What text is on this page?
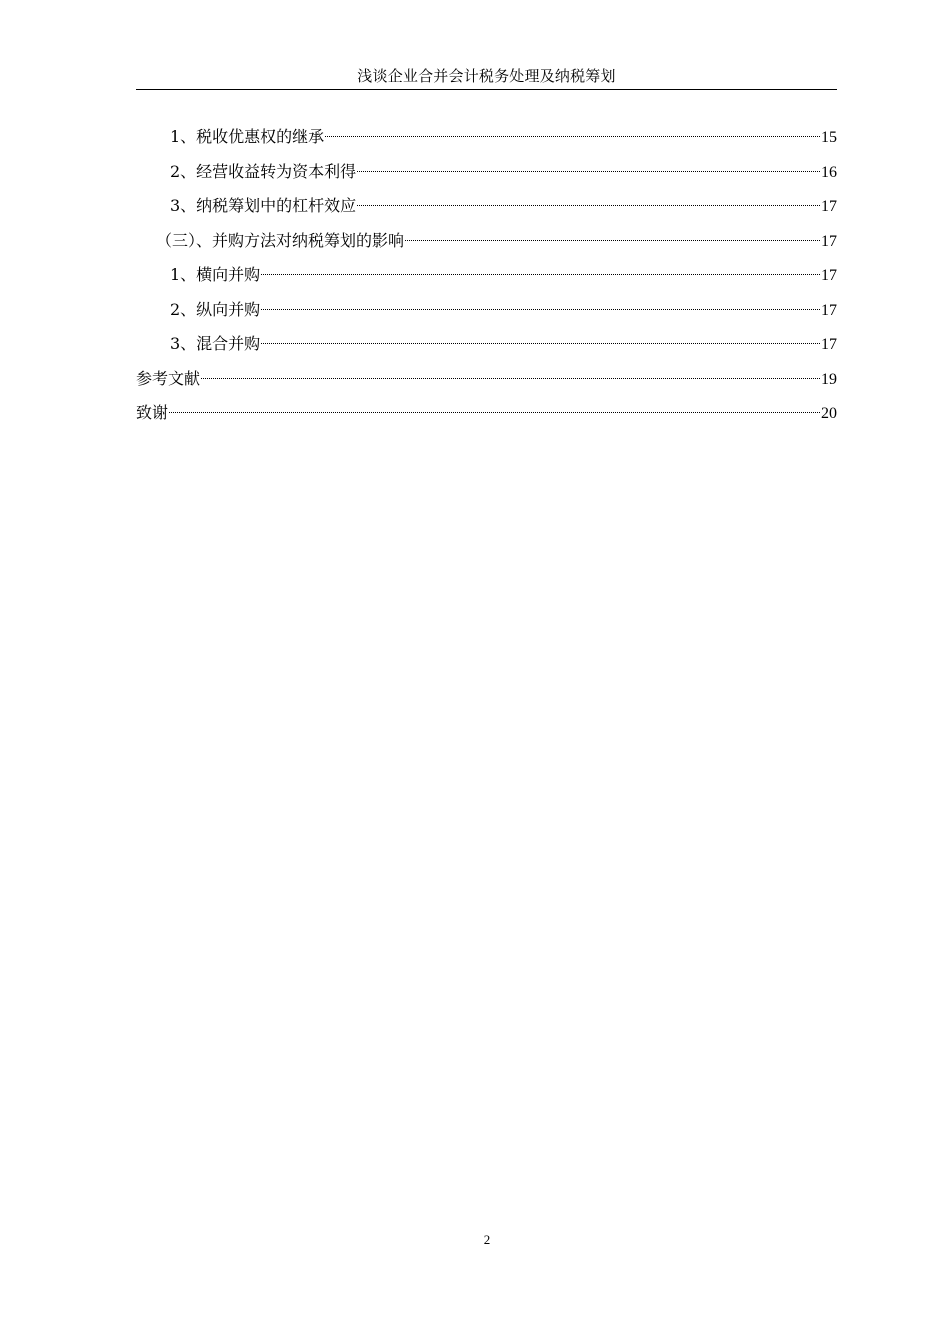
浅谈企业合并会计税务处理及纳税筹划
1、税收优惠权的继承	15
2、经营收益转为资本利得	16
3、纳税筹划中的杠杆效应	17
（三）、并购方法对纳税筹划的影响	17
1、横向并购	17
2、纵向并购	17
3、混合并购	17
参考文献	19
致谢	20
2
